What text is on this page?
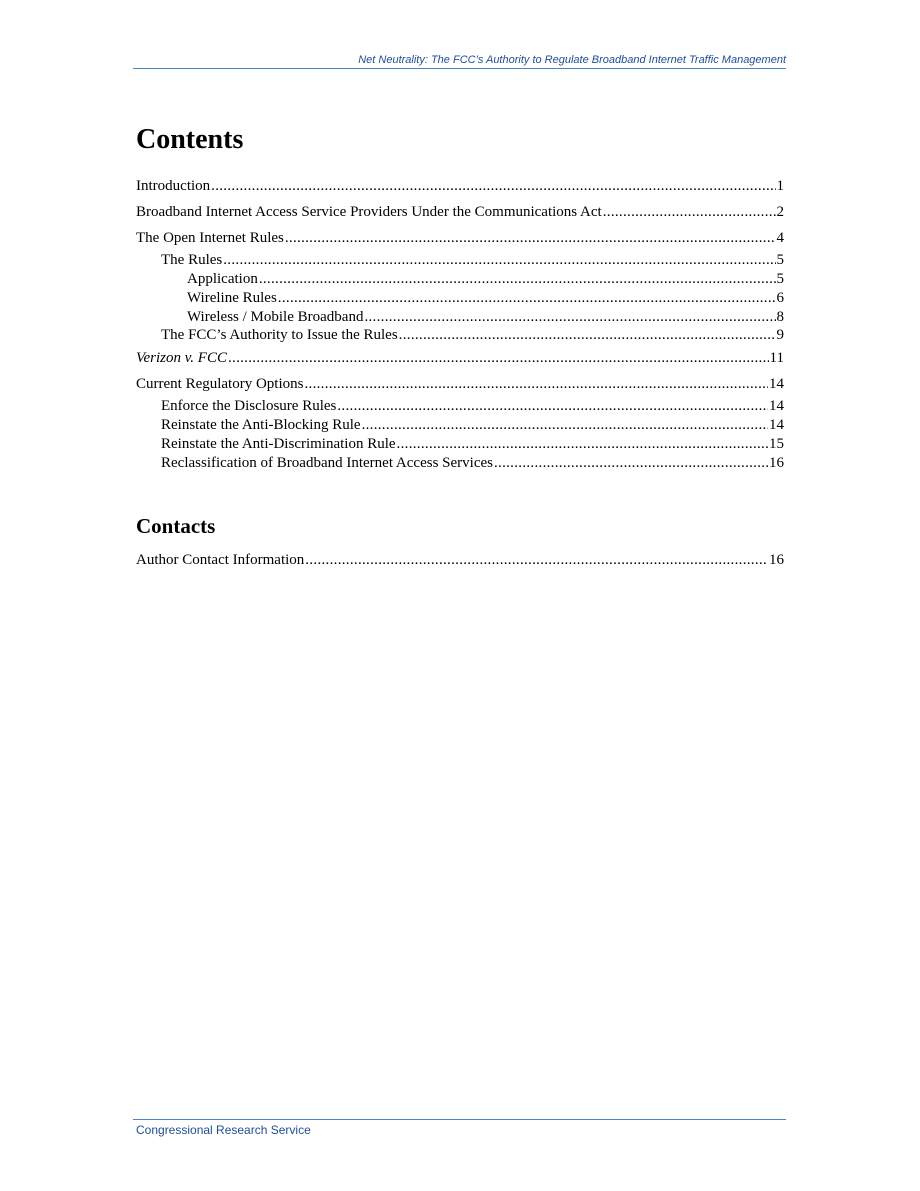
Net Neutrality: The FCC’s Authority to Regulate Broadband Internet Traffic Management
Contents
Introduction .....	1
Broadband Internet Access Service Providers Under the Communications Act .....	2
The Open Internet Rules .....	4
The Rules .....	5
Application .....	5
Wireline Rules .....	6
Wireless / Mobile Broadband .....	8
The FCC’s Authority to Issue the Rules .....	9
Verizon v. FCC .....	11
Current Regulatory Options .....	14
Enforce the Disclosure Rules .....	14
Reinstate the Anti-Blocking Rule .....	14
Reinstate the Anti-Discrimination Rule .....	15
Reclassification of Broadband Internet Access Services .....	16
Contacts
Author Contact Information .....	16
Congressional Research Service
